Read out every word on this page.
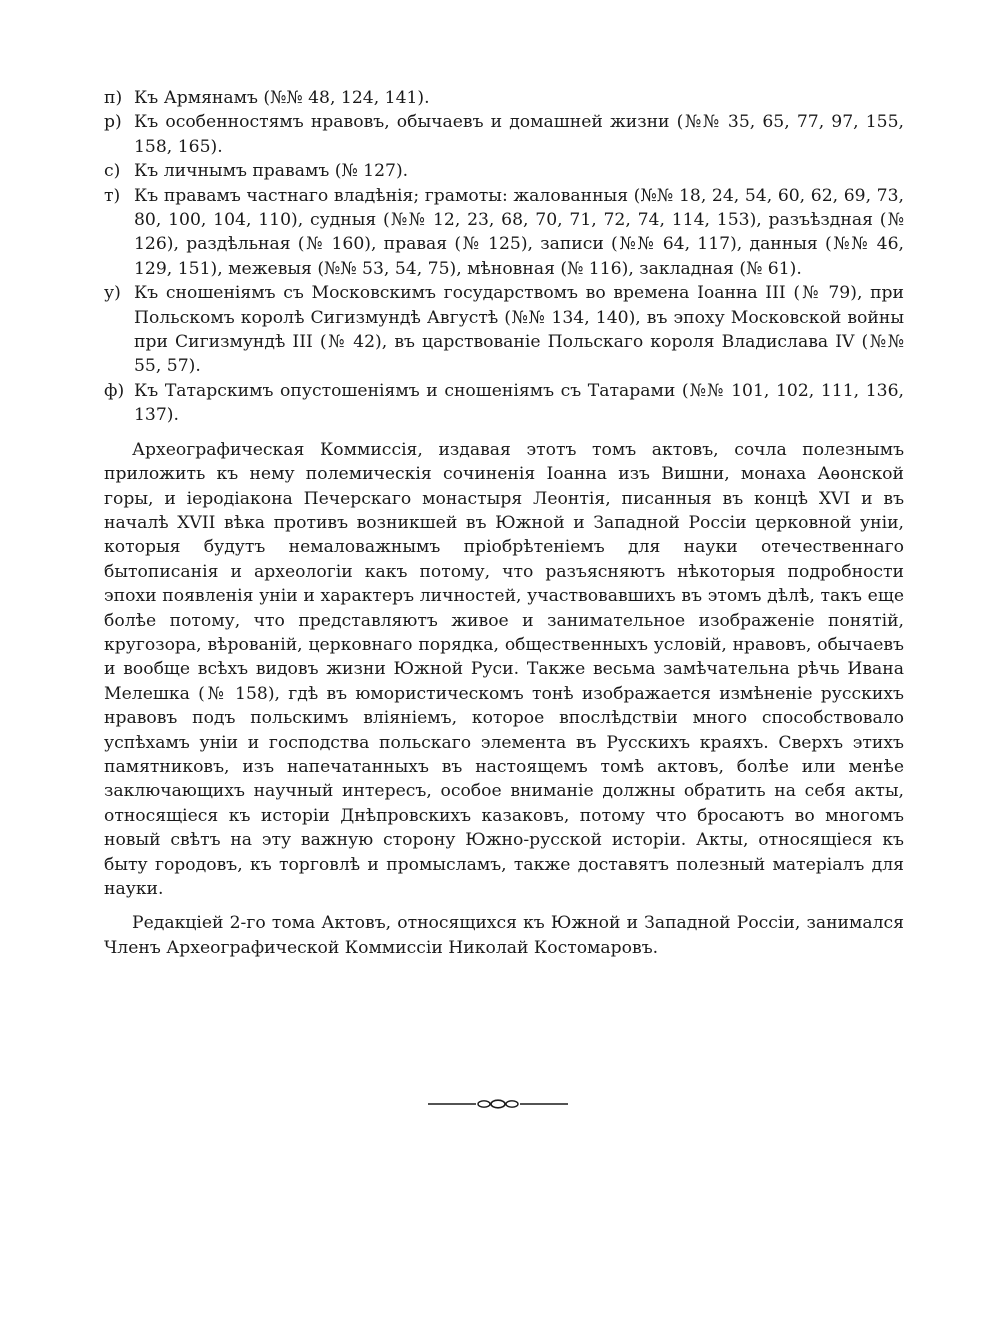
п) Къ Армянамъ (№№ 48, 124, 141).
р) Къ особенностямъ нравовъ, обычаевъ и домашней жизни (№№ 35, 65, 77, 97, 155, 158, 165).
с) Къ личнымъ правамъ (№ 127).
т) Къ правамъ частнаго владѣнія; грамоты: жалованныя (№№ 18, 24, 54, 60, 62, 69, 73, 80, 100, 104, 110), судныя (№№ 12, 23, 68, 70, 71, 72, 74, 114, 153), разъѣздная (№ 126), раздѣльная (№ 160), правая (№ 125), записи (№№ 64, 117), данныя (№№ 46, 129, 151), межевыя (№№ 53, 54, 75), мѣновная (№ 116), закладная (№ 61).
у) Къ сношеніямъ съ Московскимъ государствомъ во времена Іоанна III (№ 79), при Польскомъ королѣ Сигизмундѣ Августѣ (№№ 134, 140), въ эпоху Московской войны при Сигизмундѣ III (№ 42), въ царствованіе Польскаго короля Владислава IV (№№ 55, 57).
ф) Къ Татарскимъ опустошеніямъ и сношеніямъ съ Татарами (№№ 101, 102, 111, 136, 137).

Археографическая Коммиссія, издавая этотъ томъ актовъ, сочла полезнымъ приложить къ нему полемическія сочиненія Іоанна изъ Вишни, монаха Аѳонской горы, и іеродіакона Печерскаго монастыря Леонтія, писанныя въ концѣ XVI и въ началѣ XVII вѣка противъ возникшей въ Южной и Западной Россіи церковной уніи, которыя будутъ немаловажнымъ пріобрѣтеніемъ для науки отечественнаго бытописанія и археологіи какъ потому, что разъясняютъ нѣкоторыя подробности эпохи появленія уніи и характеръ личностей, участвовавшихъ въ этомъ дѣлѣ, такъ еще болѣе потому, что представляютъ живое и занимательное изображеніе понятій, кругозора, вѣрованій, церковнаго порядка, общественныхъ условій, нравовъ, обычаевъ и вообще всѣхъ видовъ жизни Южной Руси. Также весьма замѣчательна рѣчь Ивана Мелешка (№ 158), гдѣ въ юмористическомъ тонѣ изображается измѣненіе русскихъ нравовъ подъ польскимъ вліяніемъ, которое впослѣдствіи много способствовало успѣхамъ уніи и господства польскаго элемента въ Русскихъ краяхъ. Сверхъ этихъ памятниковъ, изъ напечатанныхъ въ настоящемъ томѣ актовъ, болѣе или менѣе заключающихъ научный интересъ, особое вниманіе должны обратить на себя акты, относящіеся къ исторіи Днѣпровскихъ казаковъ, потому что бросаютъ во многомъ новый свѣтъ на эту важную сторону Южно-русской исторіи. Акты, относящіеся къ быту городовъ, къ торговлѣ и промысламъ, также доставятъ полезный матеріалъ для науки.

Редакціей 2-го тома Актовъ, относящихся къ Южной и Западной Россіи, занимался Членъ Археографической Коммиссіи Николай Костомаровъ.
